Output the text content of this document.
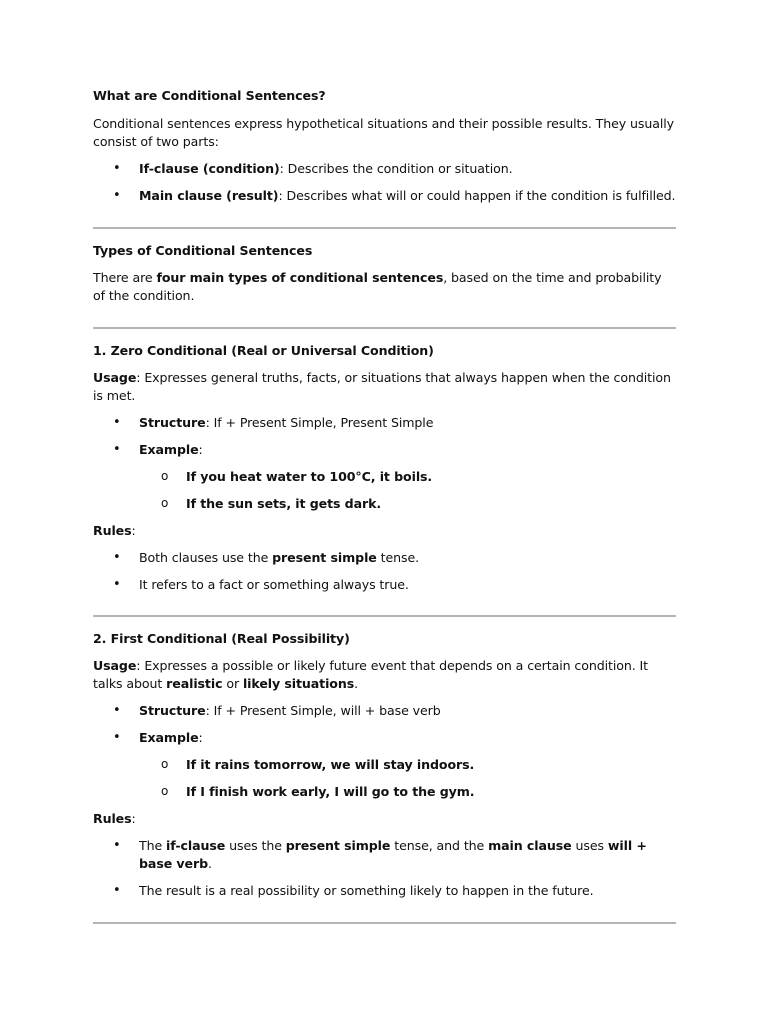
What are Conditional Sentences?

Conditional sentences express hypothetical situations and their possible results. They usually consist of two parts:

• If-clause (condition): Describes the condition or situation.
• Main clause (result): Describes what will or could happen if the condition is fulfilled.

Types of Conditional Sentences

There are four main types of conditional sentences, based on the time and probability of the condition.

1. Zero Conditional (Real or Universal Condition)

Usage: Expresses general truths, facts, or situations that always happen when the condition is met.

• Structure: If + Present Simple, Present Simple
• Example:
o If you heat water to 100°C, it boils.
o If the sun sets, it gets dark.

Rules:

• Both clauses use the present simple tense.
• It refers to a fact or something always true.

2. First Conditional (Real Possibility)

Usage: Expresses a possible or likely future event that depends on a certain condition. It talks about realistic or likely situations.

• Structure: If + Present Simple, will + base verb
• Example:
o If it rains tomorrow, we will stay indoors.
o If I finish work early, I will go to the gym.

Rules:

• The if-clause uses the present simple tense, and the main clause uses will + base verb.
• The result is a real possibility or something likely to happen in the future.
